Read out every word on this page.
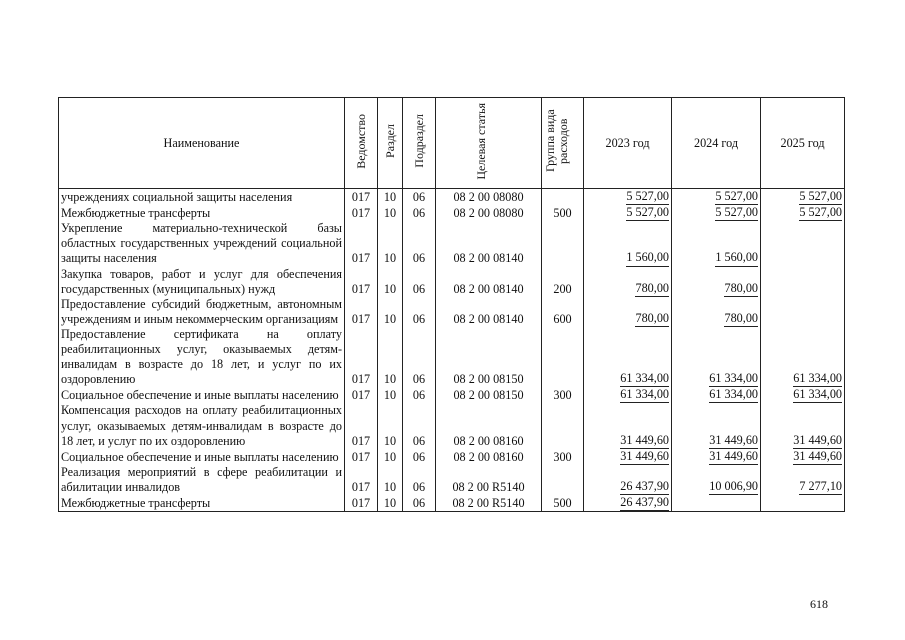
Наименование	Ведомство	Раздел	Подраздел	Целевая статья	Группа вида расходов	2023 год	2024 год	2025 год
учреждениях социальной защиты населения	017	10	06	08 2 00 08080		5 527,00	5 527,00	5 527,00
Межбюджетные трансферты	017	10	06	08 2 00 08080	500	5 527,00	5 527,00	5 527,00
Укрепление материально-технической базы областных государственных учреждений социальной защиты населения	017	10	06	08 2 00 08140		1 560,00	1 560,00	
Закупка товаров, работ и услуг для обеспечения государственных (муниципальных) нужд	017	10	06	08 2 00 08140	200	780,00	780,00	
Предоставление субсидий бюджетным, автономным учреждениям и иным некоммерческим организациям	017	10	06	08 2 00 08140	600	780,00	780,00	
Предоставление сертификата на оплату реабилитационных услуг, оказываемых детям-инвалидам в возрасте до 18 лет, и услуг по их оздоровлению	017	10	06	08 2 00 08150		61 334,00	61 334,00	61 334,00
Социальное обеспечение и иные выплаты населению	017	10	06	08 2 00 08150	300	61 334,00	61 334,00	61 334,00
Компенсация расходов на оплату реабилитационных услуг, оказываемых детям-инвалидам в возрасте до 18 лет, и услуг по их оздоровлению	017	10	06	08 2 00 08160		31 449,60	31 449,60	31 449,60
Социальное обеспечение и иные выплаты населению	017	10	06	08 2 00 08160	300	31 449,60	31 449,60	31 449,60
Реализация мероприятий в сфере реабилитации и абилитации инвалидов	017	10	06	08 2 00 R5140		26 437,90	10 006,90	7 277,10
Межбюджетные трансферты	017	10	06	08 2 00 R5140	500	26 437,90		
618
